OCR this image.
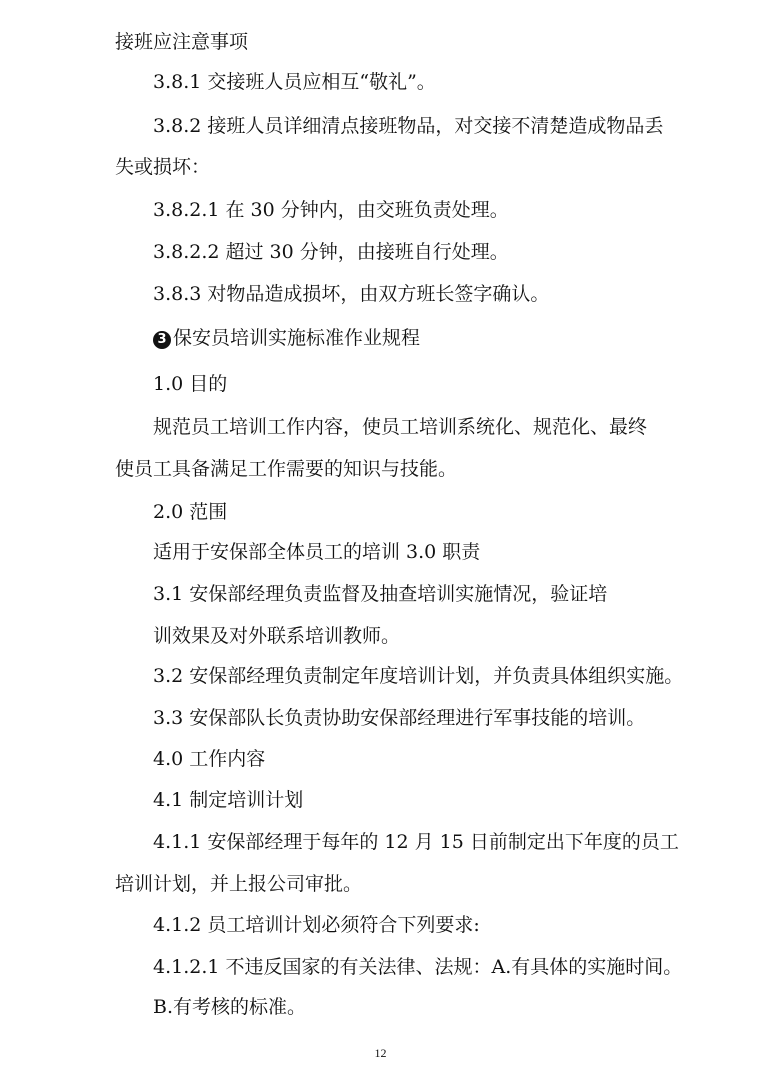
接班应注意事项
3.8.1 交接班人员应相互“敬礼”。
3.8.2 接班人员详细清点接班物品，对交接不清楚造成物品丢
失或损坏：
3.8.2.1 在 30 分钟内，由交班负责处理。
3.8.2.2 超过 30 分钟，由接班自行处理。
3.8.3 对物品造成损坏，由双方班长签字确认。
3 保安员培训实施标准作业规程
1.0 目的
规范员工培训工作内容，使员工培训系统化、规范化、最终
使员工具备满足工作需要的知识与技能。
2.0 范围
适用于安保部全体员工的培训 3.0 职责
3.1 安保部经理负责监督及抽查培训实施情况，验证培
训效果及对外联系培训教师。
3.2 安保部经理负责制定年度培训计划，并负责具体组织实施。
3.3 安保部队长负责协助安保部经理进行军事技能的培训。
4.0 工作内容
4.1 制定培训计划
4.1.1 安保部经理于每年的 12 月 15 日前制定出下年度的员工
培训计划，并上报公司审批。
4.1.2 员工培训计划必须符合下列要求:
4.1.2.1 不违反国家的有关法律、法规：A.有具体的实施时间。
B.有考核的标准。
12
